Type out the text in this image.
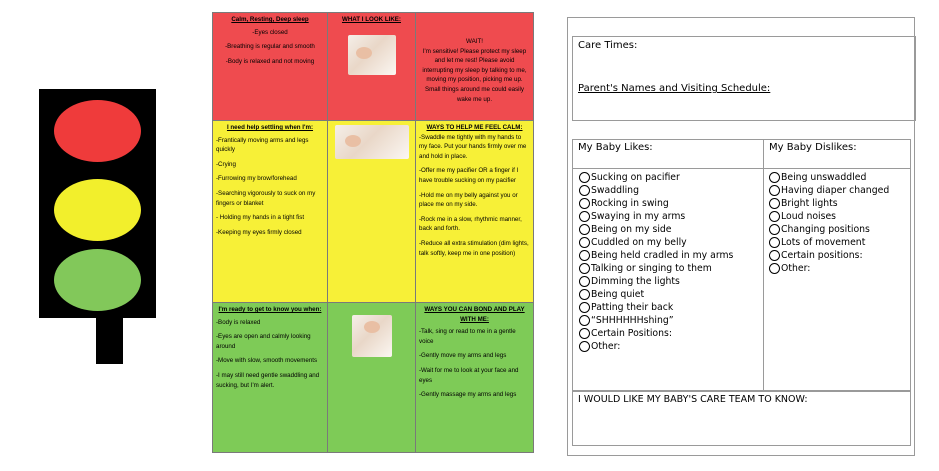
Calm, Resting, Deep sleep
-Eyes closed
-Breathing is regular and smooth
-Body is relaxed and not moving
WHAT I LOOK LIKE:
WAIT!
I'm sensitive! Please protect my sleep and let me rest! Please avoid interrupting my sleep by talking to me, moving my position, picking me up. Small things around me could easily wake me up.
I need help settling when I'm:
-Frantically moving arms and legs quickly
-Crying
-Furrowing my brow/forehead
-Searching vigorously to suck on my fingers or blanket
- Holding my hands in a tight fist
-Keeping my eyes firmly closed
WAYS TO HELP ME FEEL CALM:
-Swaddle me tightly with my hands to my face. Put your hands firmly over me and hold in place.
-Offer me my pacifier OR a finger if I have trouble sucking on my pacifier
-Hold me on my belly against you or place me on my side.
-Rock me in a slow, rhythmic manner, back and forth.
-Reduce all extra stimulation (dim lights, talk softly, keep me in one position)
I'm ready to get to know you when:
-Body is relaxed
-Eyes are open and calmly looking around
-Move with slow, smooth movements
-I may still need gentle swaddling and sucking, but I'm alert.
WAYS YOU CAN BOND AND PLAY WITH ME:
-Talk, sing or read to me in a gentle voice
-Gently move my arms and legs
-Wait for me to look at your face and eyes
-Gently massage my arms and legs
Care Times:
Parent's Names and Visiting Schedule:
My Baby Likes:
Sucking on pacifier
Swaddling
Rocking in swing
Swaying in my arms
Being on my side
Cuddled on my belly
Being held cradled in my arms
Talking or singing to them
Dimming the lights
Being quiet
Patting their back
“SHHHHHHshing”
Certain Positions:
Other:
My Baby Dislikes:
Being unswaddled
Having diaper changed
Bright lights
Loud noises
Changing positions
Lots of movement
Certain positions:
Other:
I WOULD LIKE MY BABY'S CARE TEAM TO KNOW:
